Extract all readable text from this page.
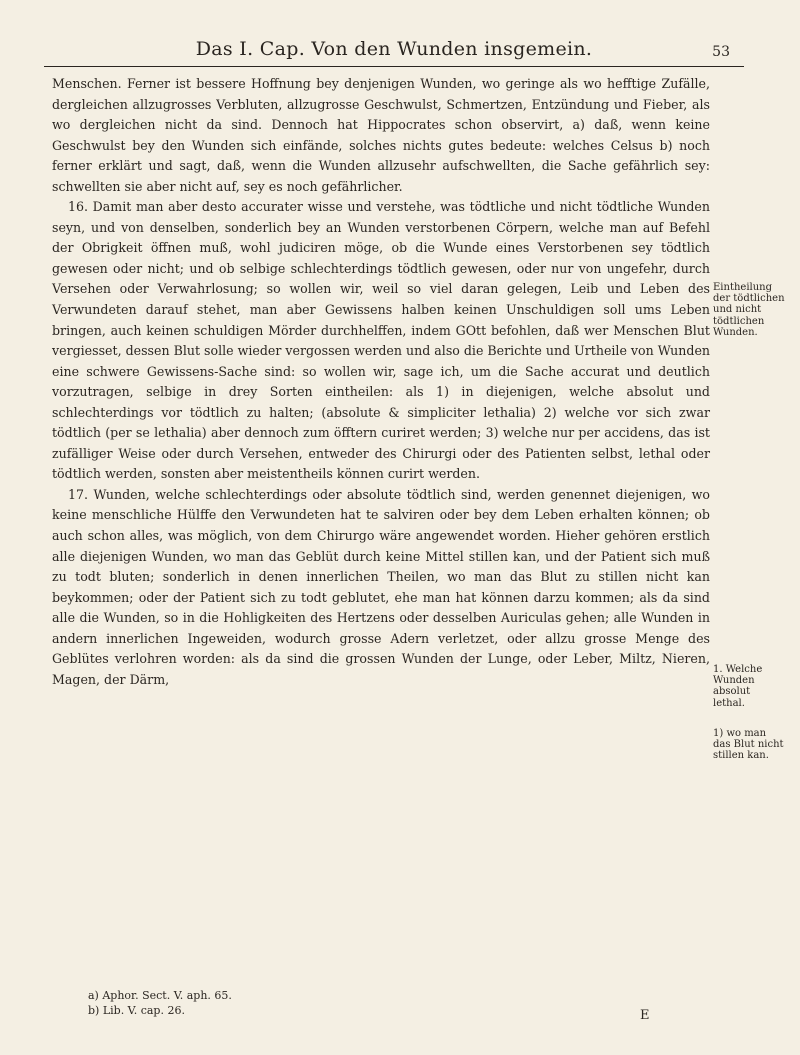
Das I. Cap. Von den Wunden insgemein.	53

Menschen. Ferner ist bessere Hoffnung bey denjenigen Wunden, wo geringe als wo hefftige Zufälle, dergleichen allzugrosses Verbluten, allzugrosse Geschwulst, Schmertzen, Entzündung und Fieber, als wo dergleichen nicht da sind. Dennoch hat Hippocrates schon observirt, a) daß, wenn keine Geschwulst bey den Wunden sich einfände, solches nichts gutes bedeute: welches Celsus b) noch ferner erklärt und sagt, daß, wenn die Wunden allzusehr aufschwellten, die Sache gefährlich sey: schwellten sie aber nicht auf, sey es noch gefährlicher.

16. Damit man aber desto accurater wisse und verstehe, was tödtliche und nicht tödtliche Wunden seyn, und von denselben, sonderlich bey an Wunden verstorbenen Cörpern, welche man auf Befehl der Obrigkeit öffnen muß, wohl judiciren möge, ob die Wunde eines Verstorbenen sey tödtlich gewesen oder nicht; und ob selbige schlechterdings tödtlich gewesen, oder nur von ungefehr, durch Versehen oder Verwahrlosung; so wollen wir, weil so viel daran gelegen, Leib und Leben des Verwundeten darauf stehet, man aber Gewissens halben keinen Unschuldigen soll ums Leben bringen, auch keinen schuldigen Mörder durchhelffen, indem GOtt befohlen, daß wer Menschen Blut vergiesset, dessen Blut solle wieder vergossen werden und also die Berichte und Urtheile von Wunden eine schwere Gewissens-Sache sind: so wollen wir, sage ich, um die Sache accurat und deutlich vorzutragen, selbige in drey Sorten eintheilen: als 1) in diejenigen, welche absolut und schlechterdings vor tödtlich zu halten; (absolute & simpliciter lethalia) 2) welche vor sich zwar tödtlich (per se lethalia) aber dennoch zum öfftern curiret werden; 3) welche nur per accidens, das ist zufälliger Weise oder durch Versehen, entweder des Chirurgi oder des Patienten selbst, lethal oder tödtlich werden, sonsten aber meistentheils können curirt werden.

17. Wunden, welche schlechterdings oder absolute tödtlich sind, werden genennet diejenigen, wo keine menschliche Hülffe den Verwundeten hat te salviren oder bey dem Leben erhalten können; ob auch schon alles, was möglich, von dem Chirurgo wäre angewendet worden. Hieher gehören erstlich alle diejenigen Wunden, wo man das Geblüt durch keine Mittel stillen kan, und der Patient sich muß zu todt bluten; sonderlich in denen innerlichen Theilen, wo man das Blut zu stillen nicht kan beykommen; oder der Patient sich zu todt geblutet, ehe man hat können darzu kommen; als da sind alle die Wunden, so in die Hohligkeiten des Hertzens oder desselben Auriculas gehen; alle Wunden in andern innerlichen Ingeweiden, wodurch grosse Adern verletzet, oder allzu grosse Menge des Geblütes verlohren worden: als da sind die grossen Wunden der Lunge, oder Leber, Miltz, Nieren, Magen, der Därm,

Eintheilung der tödtlichen und nicht tödtlichen Wunden.
1. Welche Wunden absolut lethal.
1) wo man das Blut nicht stillen kan.
a) Aphor. Sect. V. aph. 65.
b) Lib. V. cap. 26.	E
